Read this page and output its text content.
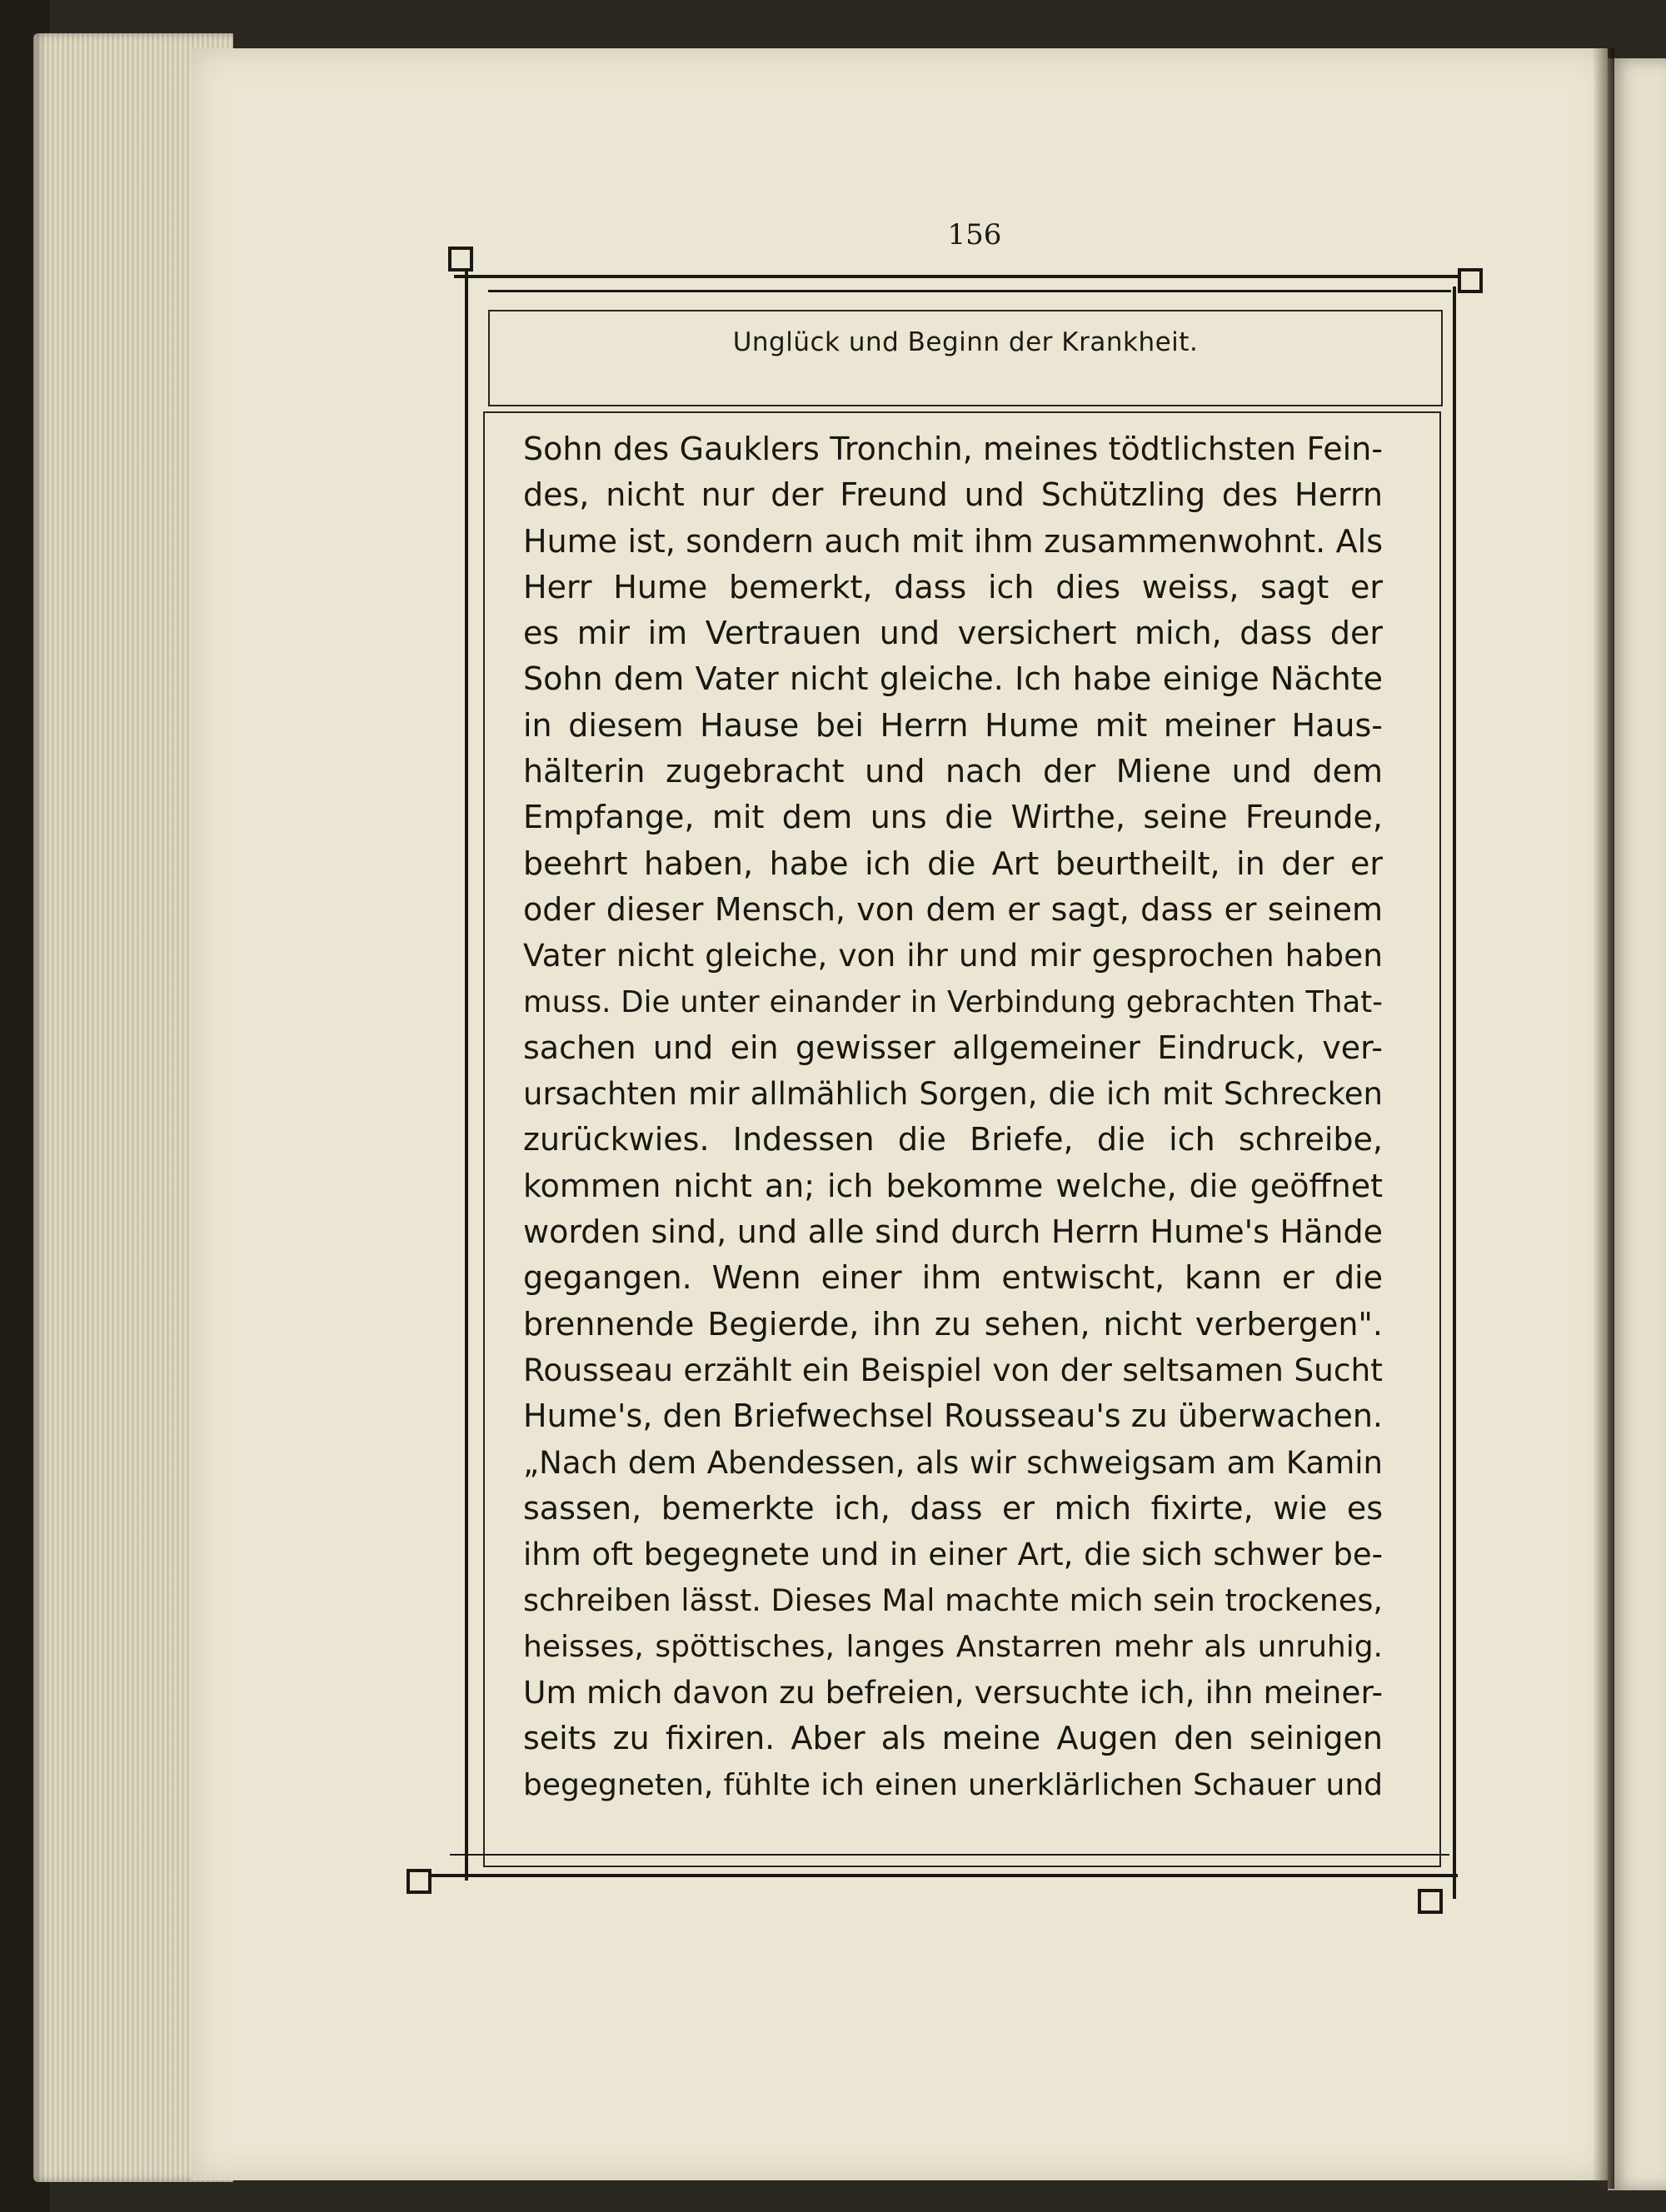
156
Unglück und Beginn der Krankheit.
Sohn des Gauklers Tronchin, meines tödtlichsten Fein-
des, nicht nur der Freund und Schützling des Herrn
Hume ist, sondern auch mit ihm zusammenwohnt. Als
Herr Hume bemerkt, dass ich dies weiss, sagt er
es mir im Vertrauen und versichert mich, dass der
Sohn dem Vater nicht gleiche. Ich habe einige Nächte
in diesem Hause bei Herrn Hume mit meiner Haus-
hälterin zugebracht und nach der Miene und dem
Empfange, mit dem uns die Wirthe, seine Freunde,
beehrt haben, habe ich die Art beurtheilt, in der er
oder dieser Mensch, von dem er sagt, dass er seinem
Vater nicht gleiche, von ihr und mir gesprochen haben
muss. Die unter einander in Verbindung gebrachten That-
sachen und ein gewisser allgemeiner Eindruck, ver-
ursachten mir allmählich Sorgen, die ich mit Schrecken
zurückwies. Indessen die Briefe, die ich schreibe,
kommen nicht an; ich bekomme welche, die geöffnet
worden sind, und alle sind durch Herrn Hume's Hände
gegangen. Wenn einer ihm entwischt, kann er die
brennende Begierde, ihn zu sehen, nicht verbergen".
Rousseau erzählt ein Beispiel von der seltsamen Sucht
Hume's, den Briefwechsel Rousseau's zu überwachen.
„Nach dem Abendessen, als wir schweigsam am Kamin
sassen, bemerkte ich, dass er mich fixirte, wie es
ihm oft begegnete und in einer Art, die sich schwer be-
schreiben lässt. Dieses Mal machte mich sein trockenes,
heisses, spöttisches, langes Anstarren mehr als unruhig.
Um mich davon zu befreien, versuchte ich, ihn meiner-
seits zu fixiren. Aber als meine Augen den seinigen
begegneten, fühlte ich einen unerklärlichen Schauer und
